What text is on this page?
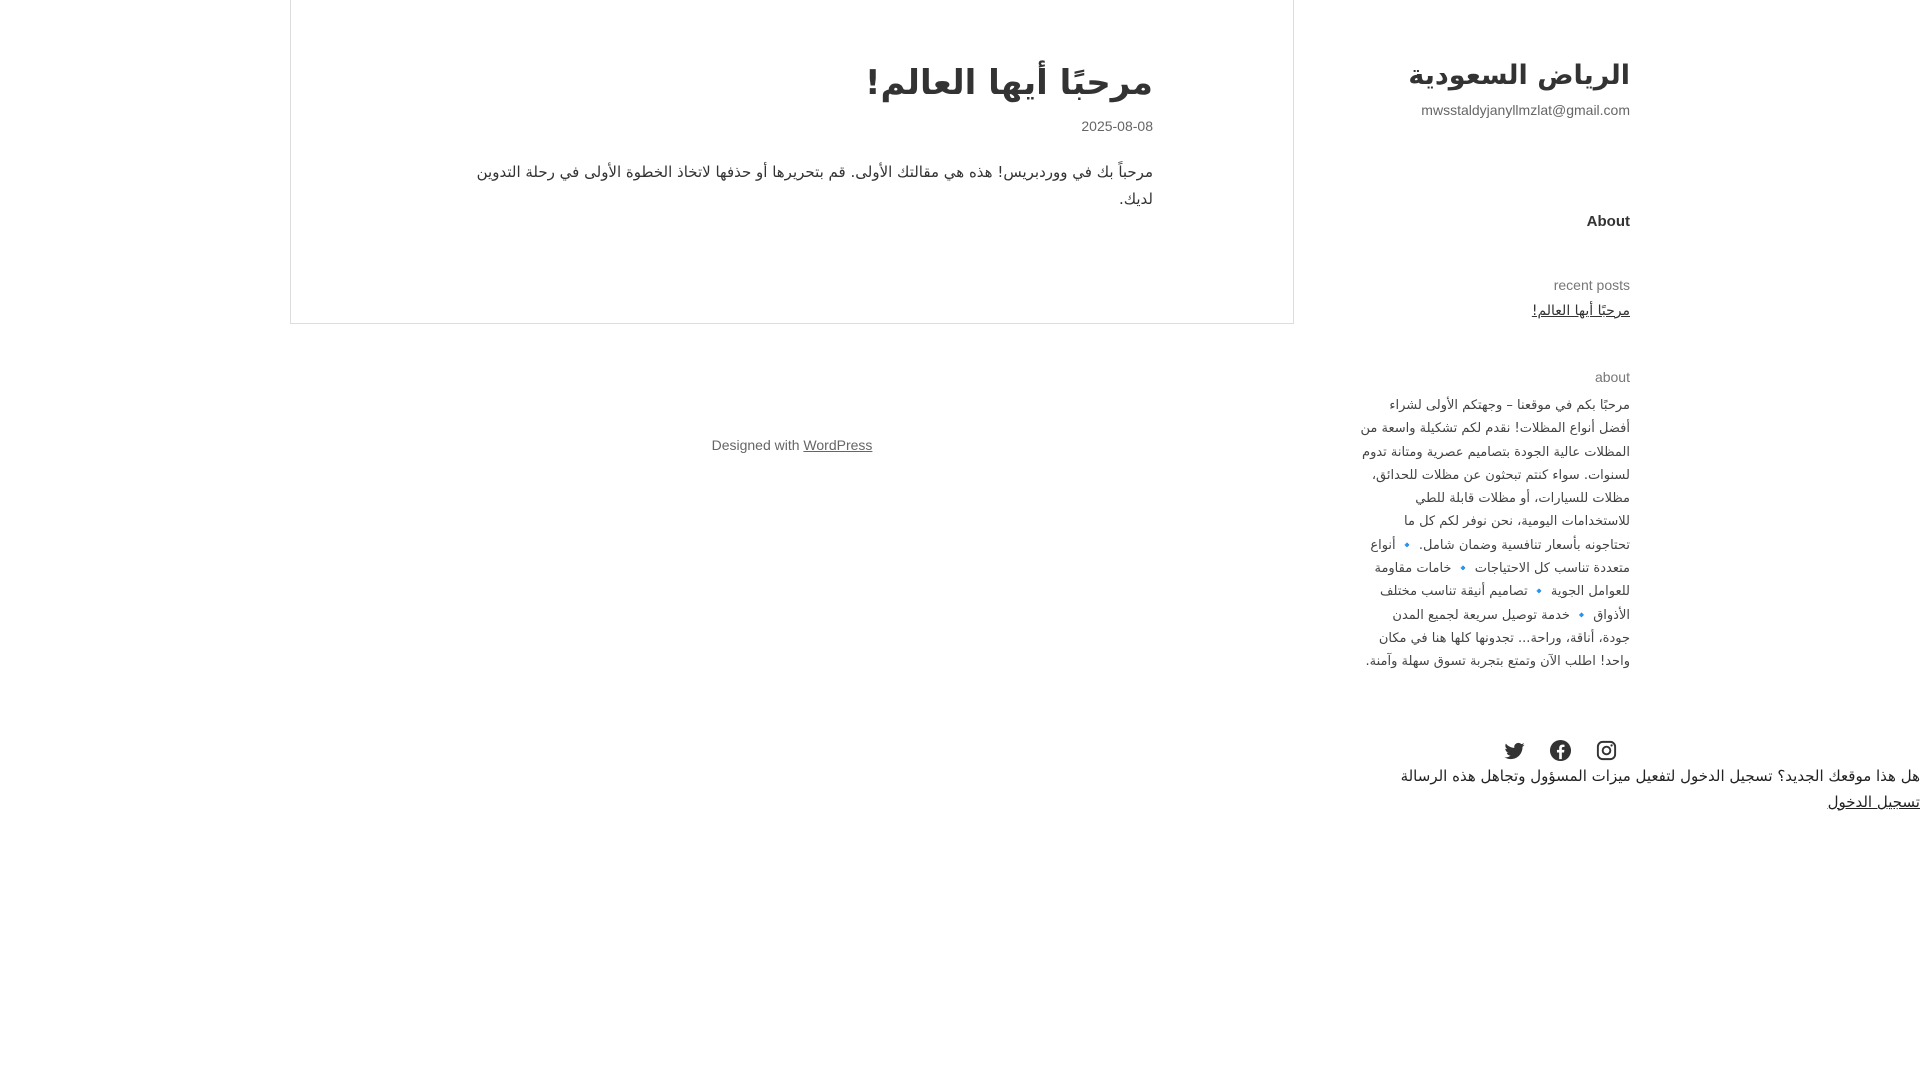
مرحبًا أيها العالم!
2025-08-08

مرحباً بك في ووردبريس! هذه هي مقالتك الأولى. قم بتحريرها أو حذفها لاتخاذ الخطوة الأولى في رحلة التدوين لديك.

Designed with WordPress
الرياض السعودية
mwsstaldyjanyllmzlat@gmail.com
About
recent posts
مرحبًا أيها العالم!
about

مرحبًا بكم في موقعنا – وجهتكم الأولى لشراء أفضل أنواع المظلات! نقدم لكم تشكيلة واسعة من المظلات عالية الجودة بتصاميم عصرية ومتانة تدوم لسنوات. سواء كنتم تبحثون عن مظلات للحدائق، مظلات للسيارات، أو مظلات قابلة للطي للاستخدامات اليومية، نحن نوفر لكم كل ما تحتاجونه بأسعار تنافسية وضمان شامل. 🔹 أنواع متعددة تناسب كل الاحتياجات 🔹 خامات مقاومة للعوامل الجوية 🔹 تصاميم أنيقة تناسب مختلف الأذواق 🔹 خدمة توصيل سريعة لجميع المدن جودة، أناقة، وراحة... تجدونها كلها هنا في مكان واحد! اطلب الآن وتمتع بتجربة تسوق سهلة وآمنة.

هل هذا موقعك الجديد؟ تسجيل الدخول لتفعيل ميزات المسؤول وتجاهل هذه الرسالة
تسجيل الدخول
